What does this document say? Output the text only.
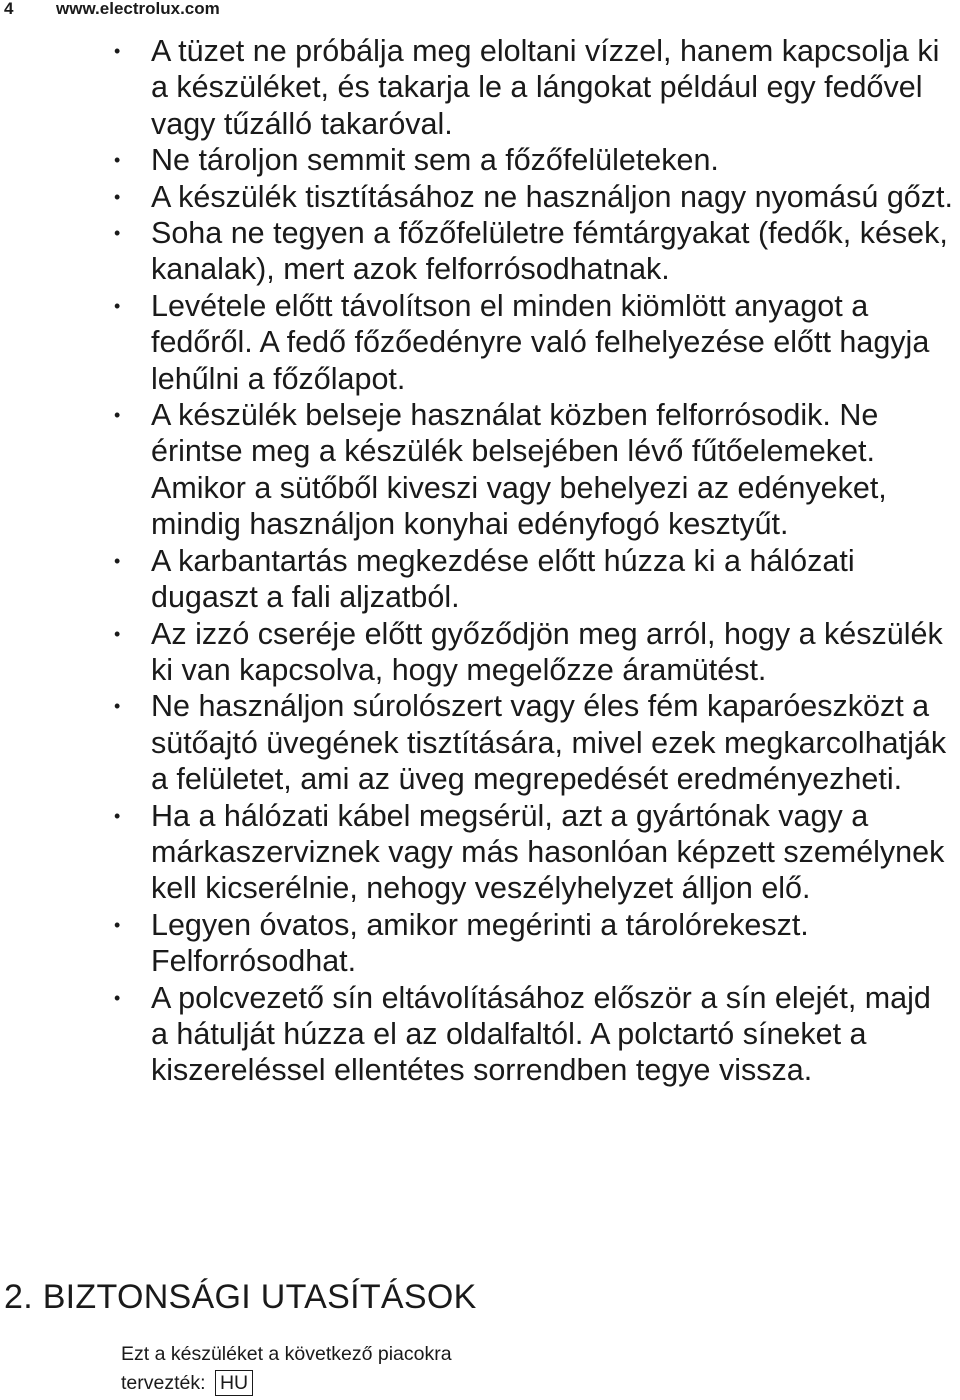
4	www.electrolux.com
• A tüzet ne próbálja meg eloltani vízzel, hanem kapcsolja ki a készüléket, és takarja le a lángokat például egy fedővel vagy tűzálló takaróval.
• Ne tároljon semmit sem a főzőfelületeken.
• A készülék tisztításához ne használjon nagy nyomású gőzt.
• Soha ne tegyen a főzőfelületre fémtárgyakat (fedők, kések, kanalak), mert azok felforrósodhatnak.
• Levétele előtt távolítson el minden kiömlött anyagot a fedőről. A fedő főzőedényre való felhelyezése előtt hagyja lehűlni a főzőlapot.
• A készülék belseje használat közben felforrósodik. Ne érintse meg a készülék belsejében lévő fűtőelemeket. Amikor a sütőből kiveszi vagy behelyezi az edényeket, mindig használjon konyhai edényfogó kesztyűt.
• A karbantartás megkezdése előtt húzza ki a hálózati dugaszt a fali aljzatból.
• Az izzó cseréje előtt győződjön meg arról, hogy a készülék ki van kapcsolva, hogy megelőzze áramütést.
• Ne használjon súrolószert vagy éles fém kaparóeszközt a sütőajtó üvegének tisztítására, mivel ezek megkarcolhatják a felületet, ami az üveg megrepedését eredményezheti.
• Ha a hálózati kábel megsérül, azt a gyártónak vagy a márkaszerviznek vagy más hasonlóan képzett személynek kell kicserélnie, nehogy veszélyhelyzet álljon elő.
• Legyen óvatos, amikor megérinti a tárolórekeszt. Felforrósodhat.
• A polcvezető sín eltávolításához először a sín elejét, majd a hátulját húzza el az oldalfaltól. A polctartó síneket a kiszereléssel ellentétes sorrendben tegye vissza.
2. BIZTONSÁGI UTASÍTÁSOK
Ezt a készüléket a következő piacokra tervezték: HU
